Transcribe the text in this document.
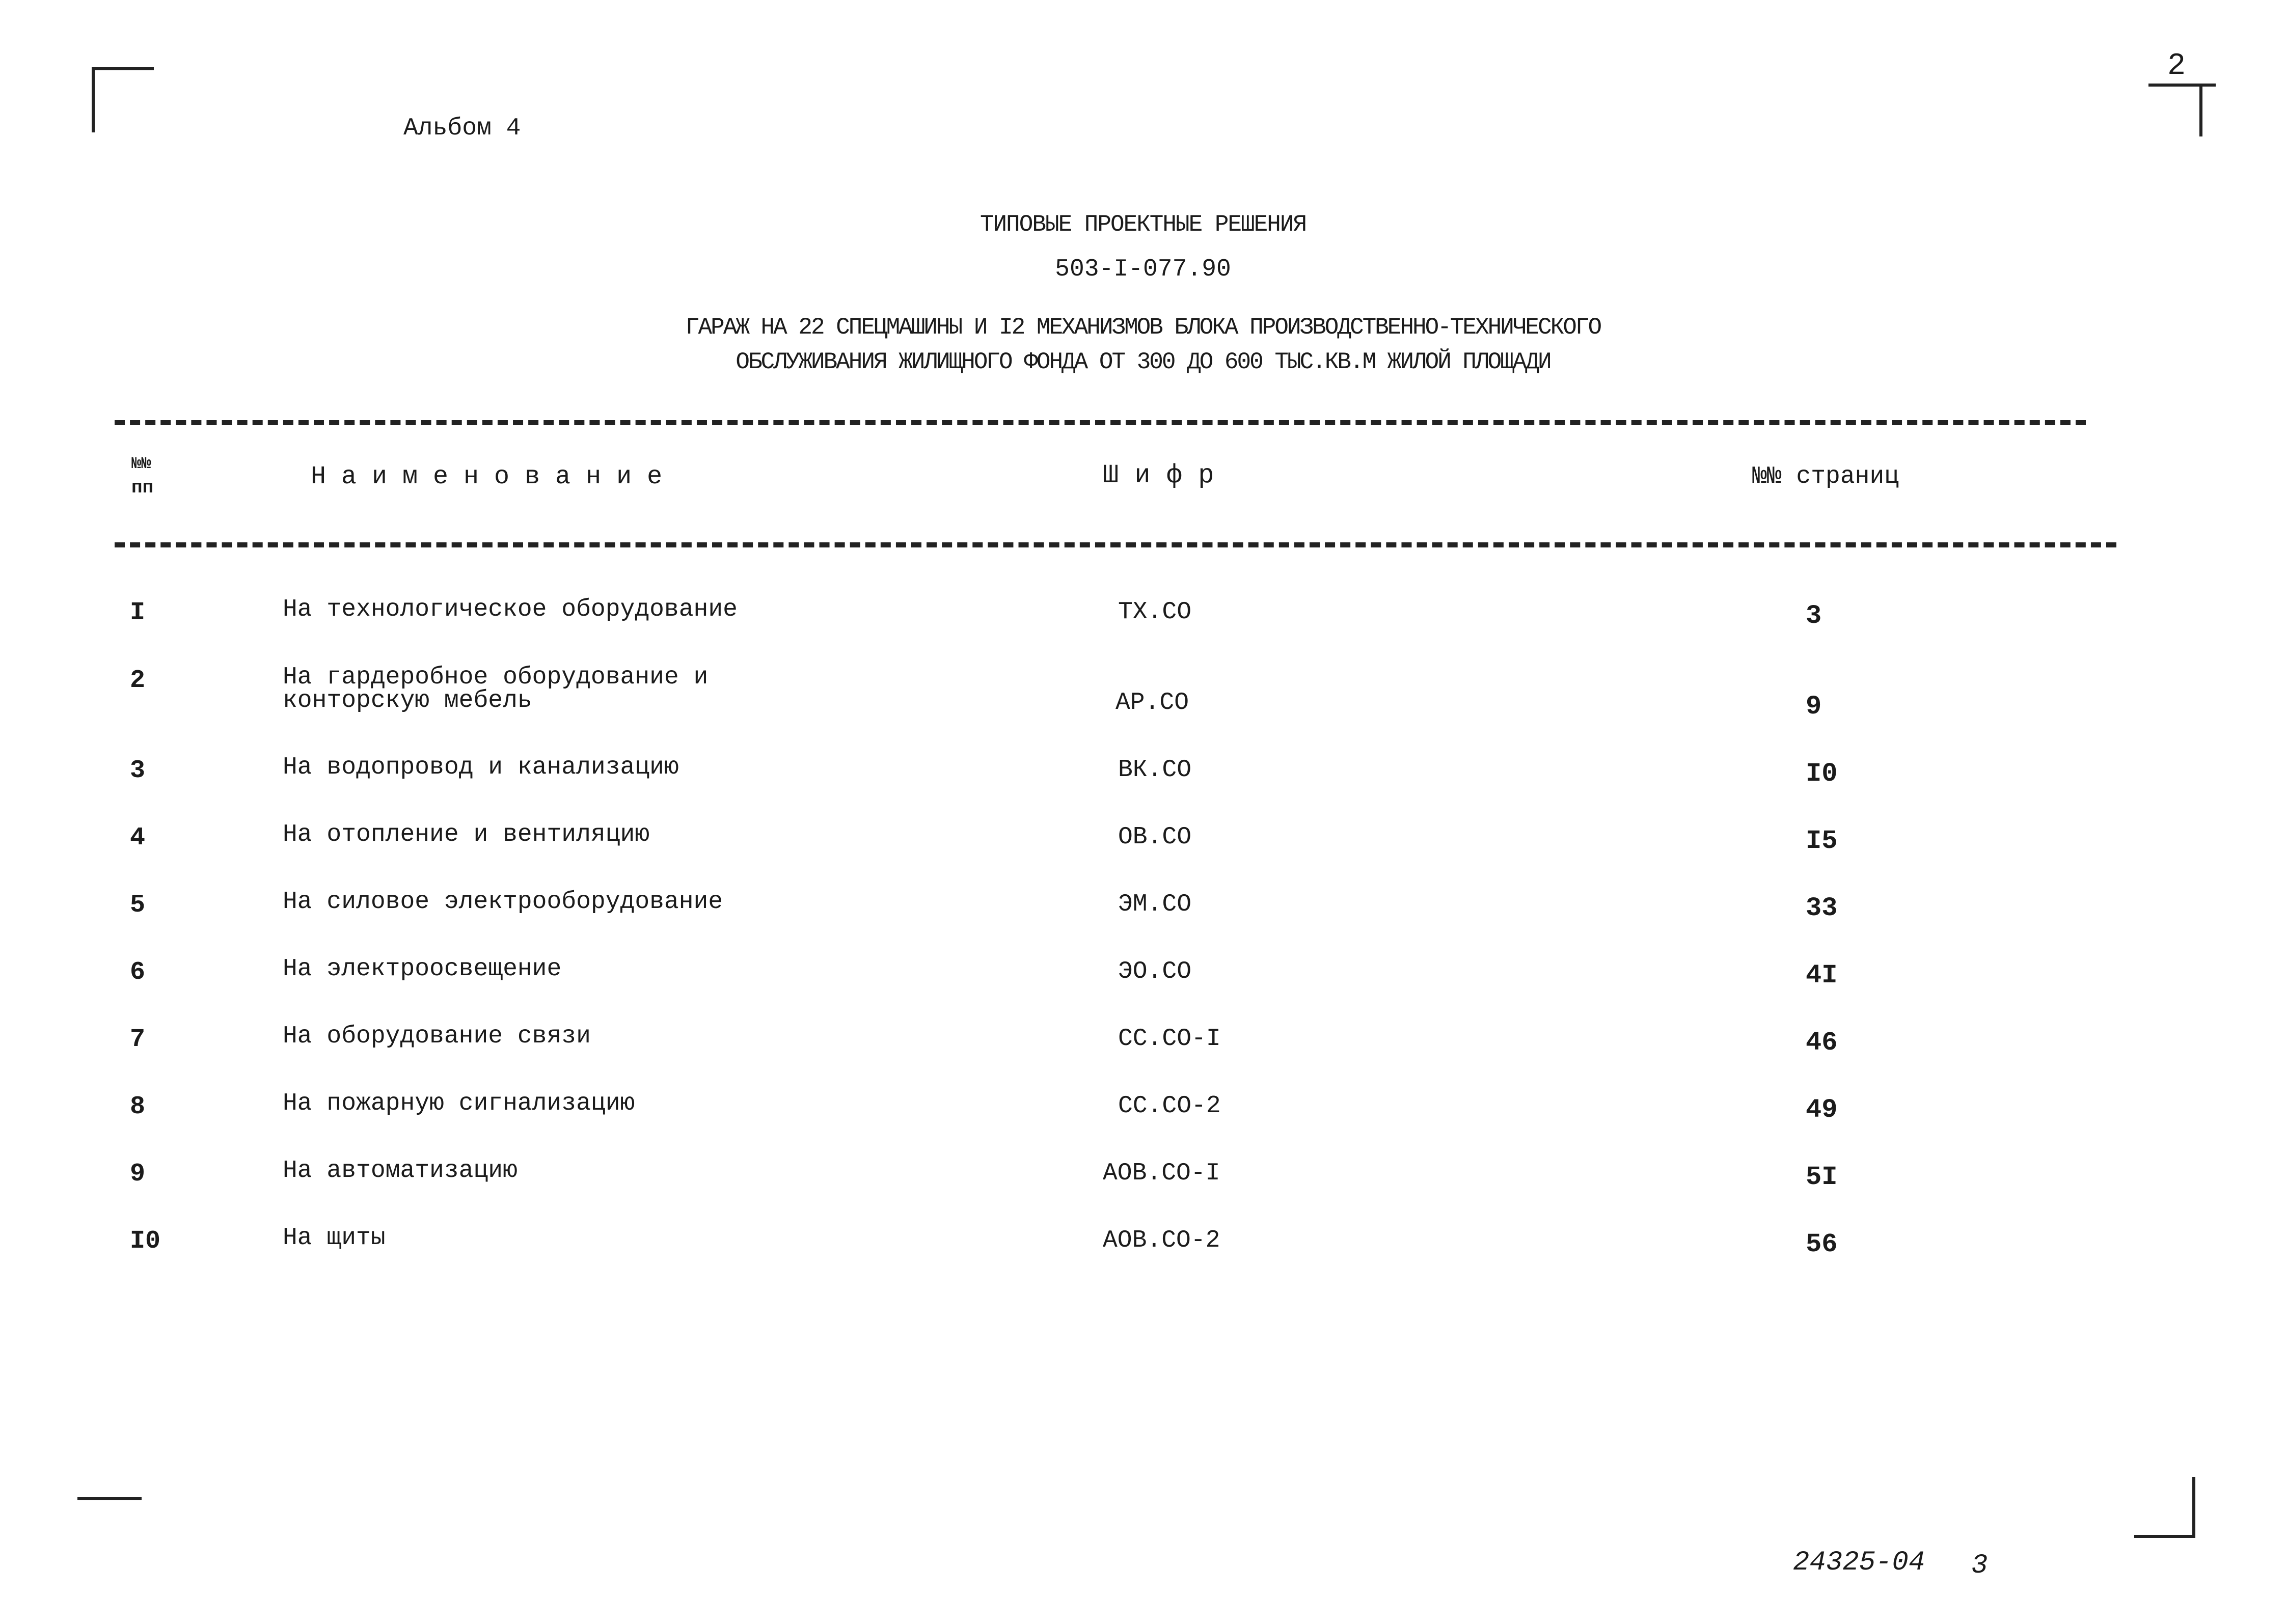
Альбом 4
2
ТИПОВЫЕ ПРОЕКТНЫЕ РЕШЕНИЯ
503-I-077.90
ГАРАЖ НА 22 СПЕЦМАШИНЫ И I2 МЕХАНИЗМОВ БЛОКА ПРОИЗВОДСТВЕННО-ТЕХНИЧЕСКОГО
ОБСЛУЖИВАНИЯ ЖИЛИЩНОГО ФОНДА ОТ 300 ДО 600 ТЫС.КВ.М ЖИЛОЙ ПЛОЩАДИ
№№
пп	Н а и м е н о в а н и е	Ш и ф р	№№ страниц
I	На технологическое оборудование	ТХ.СО	3
2	На гардеробное оборудование и конторскую мебель	АР.СО	9
3	На водопровод и канализацию	ВК.СО	I0
4	На отопление и вентиляцию	ОВ.СО	I5
5	На силовое электрооборудование	ЭМ.СО	33
6	На электроосвещение	ЭО.СО	4I
7	На оборудование связи	СС.СО-I	46
8	На пожарную сигнализацию	СС.СО-2	49
9	На автоматизацию	АОВ.СО-I	5I
I0	На щиты	АОВ.СО-2	56
24325-04 3
